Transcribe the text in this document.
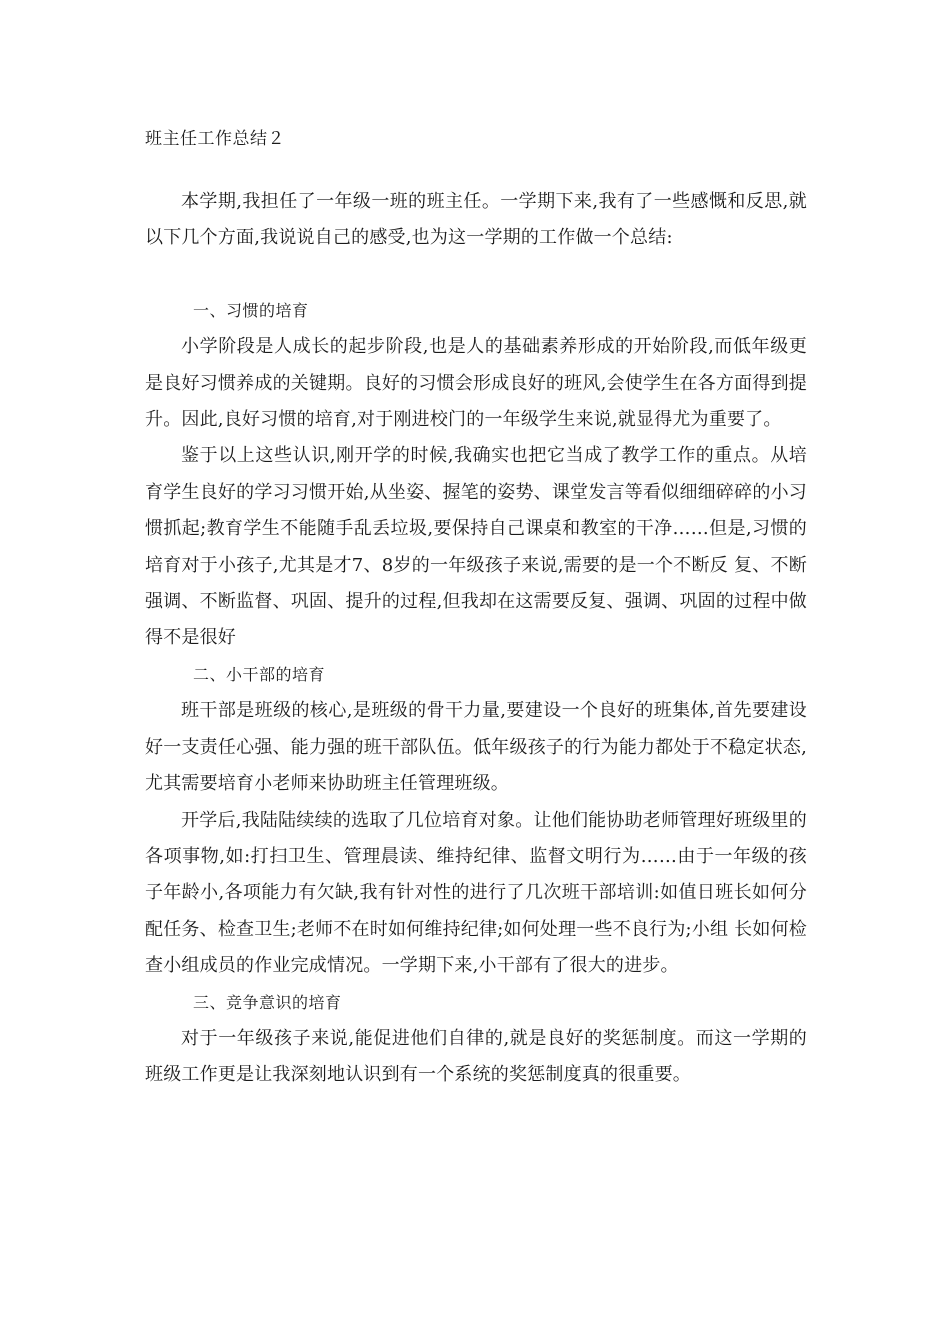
班主任工作总结２

本学期,我担任了一年级一班的班主任。一学期下来,我有了一些感慨和反思,就以下几个方面,我说说自己的感受,也为这一学期的工作做一个总结:

一、习惯的培育

小学阶段是人成长的起步阶段,也是人的基础素养形成的开始阶段,而低年级更是良好习惯养成的关键期。良好的习惯会形成良好的班风,会使学生在各方面得到提升。因此,良好习惯的培育,对于刚进校门的一年级学生来说,就显得尤为重要了。

鉴于以上这些认识,刚开学的时候,我确实也把它当成了教学工作的重点。从培育学生良好的学习习惯开始,从坐姿、握笔的姿势、课堂发言等看似细细碎碎的小习 惯抓起;教育学生不能随手乱丢垃圾,要保持自己课桌和教室的干净……但是,习惯的培育对于小孩子,尤其是才7、8岁的一年级孩子来说,需要的是一个不断反 复、不断强调、不断监督、巩固、提升的过程,但我却在这需要反复、强调、巩固的过程中做得不是很好

二、小干部的培育

班干部是班级的核心,是班级的骨干力量,要建设一个良好的班集体,首先要建设好一支责任心强、能力强的班干部队伍。低年级孩子的行为能力都处于不稳定状态,尤其需要培育小老师来协助班主任管理班级。

开学后,我陆陆续续的选取了几位培育对象。让他们能协助老师管理好班级里的各项事物,如:打扫卫生、管理晨读、维持纪律、监督文明行为……由于一年级的孩 子年龄小,各项能力有欠缺,我有针对性的进行了几次班干部培训:如值日班长如何分配任务、检查卫生;老师不在时如何维持纪律;如何处理一些不良行为;小组 长如何检查小组成员的作业完成情况。一学期下来,小干部有了很大的进步。

三、竞争意识的培育

对于一年级孩子来说,能促进他们自律的,就是良好的奖惩制度。而这一学期的班级工作更是让我深刻地认识到有一个系统的奖惩制度真的很重要。
